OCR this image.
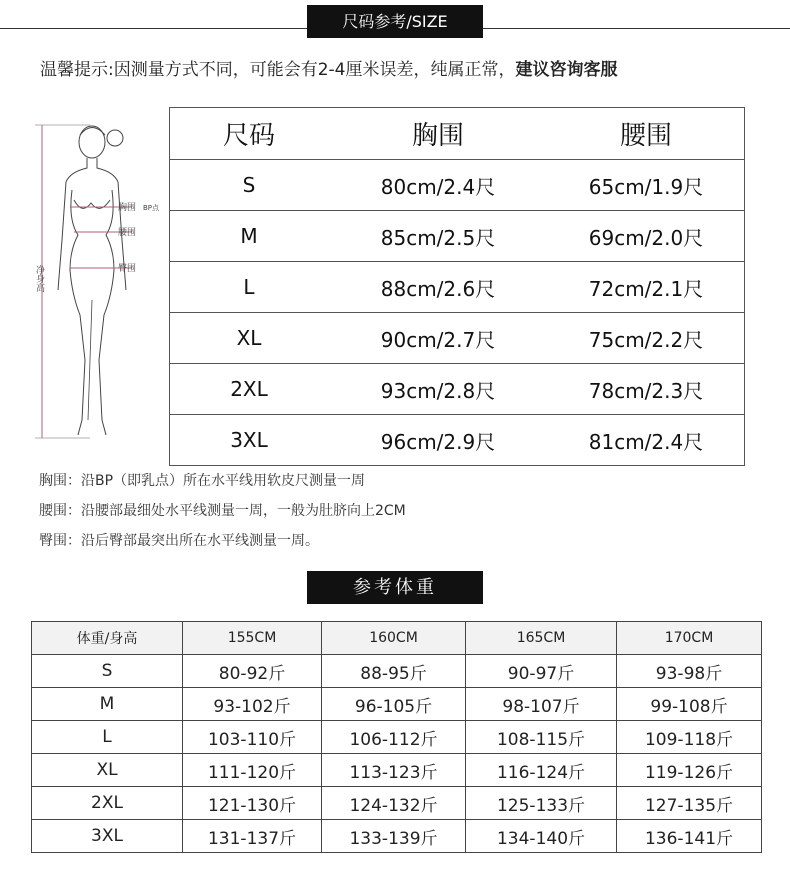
尺码参考/SIZE
温馨提示:因测量方式不同，可能会有2-4厘米误差，纯属正常，建议咨询客服
胸围 BP点
腰围
臀围
净身高
尺码	胸围	腰围
S	80cm/2.4尺	65cm/1.9尺
M	85cm/2.5尺	69cm/2.0尺
L	88cm/2.6尺	72cm/2.1尺
XL	90cm/2.7尺	75cm/2.2尺
2XL	93cm/2.8尺	78cm/2.3尺
3XL	96cm/2.9尺	81cm/2.4尺
胸围：沿BP（即乳点）所在水平线用软皮尺测量一周
腰围：沿腰部最细处水平线测量一周，一般为肚脐向上2CM
臀围：沿后臀部最突出所在水平线测量一周。
参考体重
体重/身高	155CM	160CM	165CM	170CM
S	80-92斤	88-95斤	90-97斤	93-98斤
M	93-102斤	96-105斤	98-107斤	99-108斤
L	103-110斤	106-112斤	108-115斤	109-118斤
XL	111-120斤	113-123斤	116-124斤	119-126斤
2XL	121-130斤	124-132斤	125-133斤	127-135斤
3XL	131-137斤	133-139斤	134-140斤	136-141斤
